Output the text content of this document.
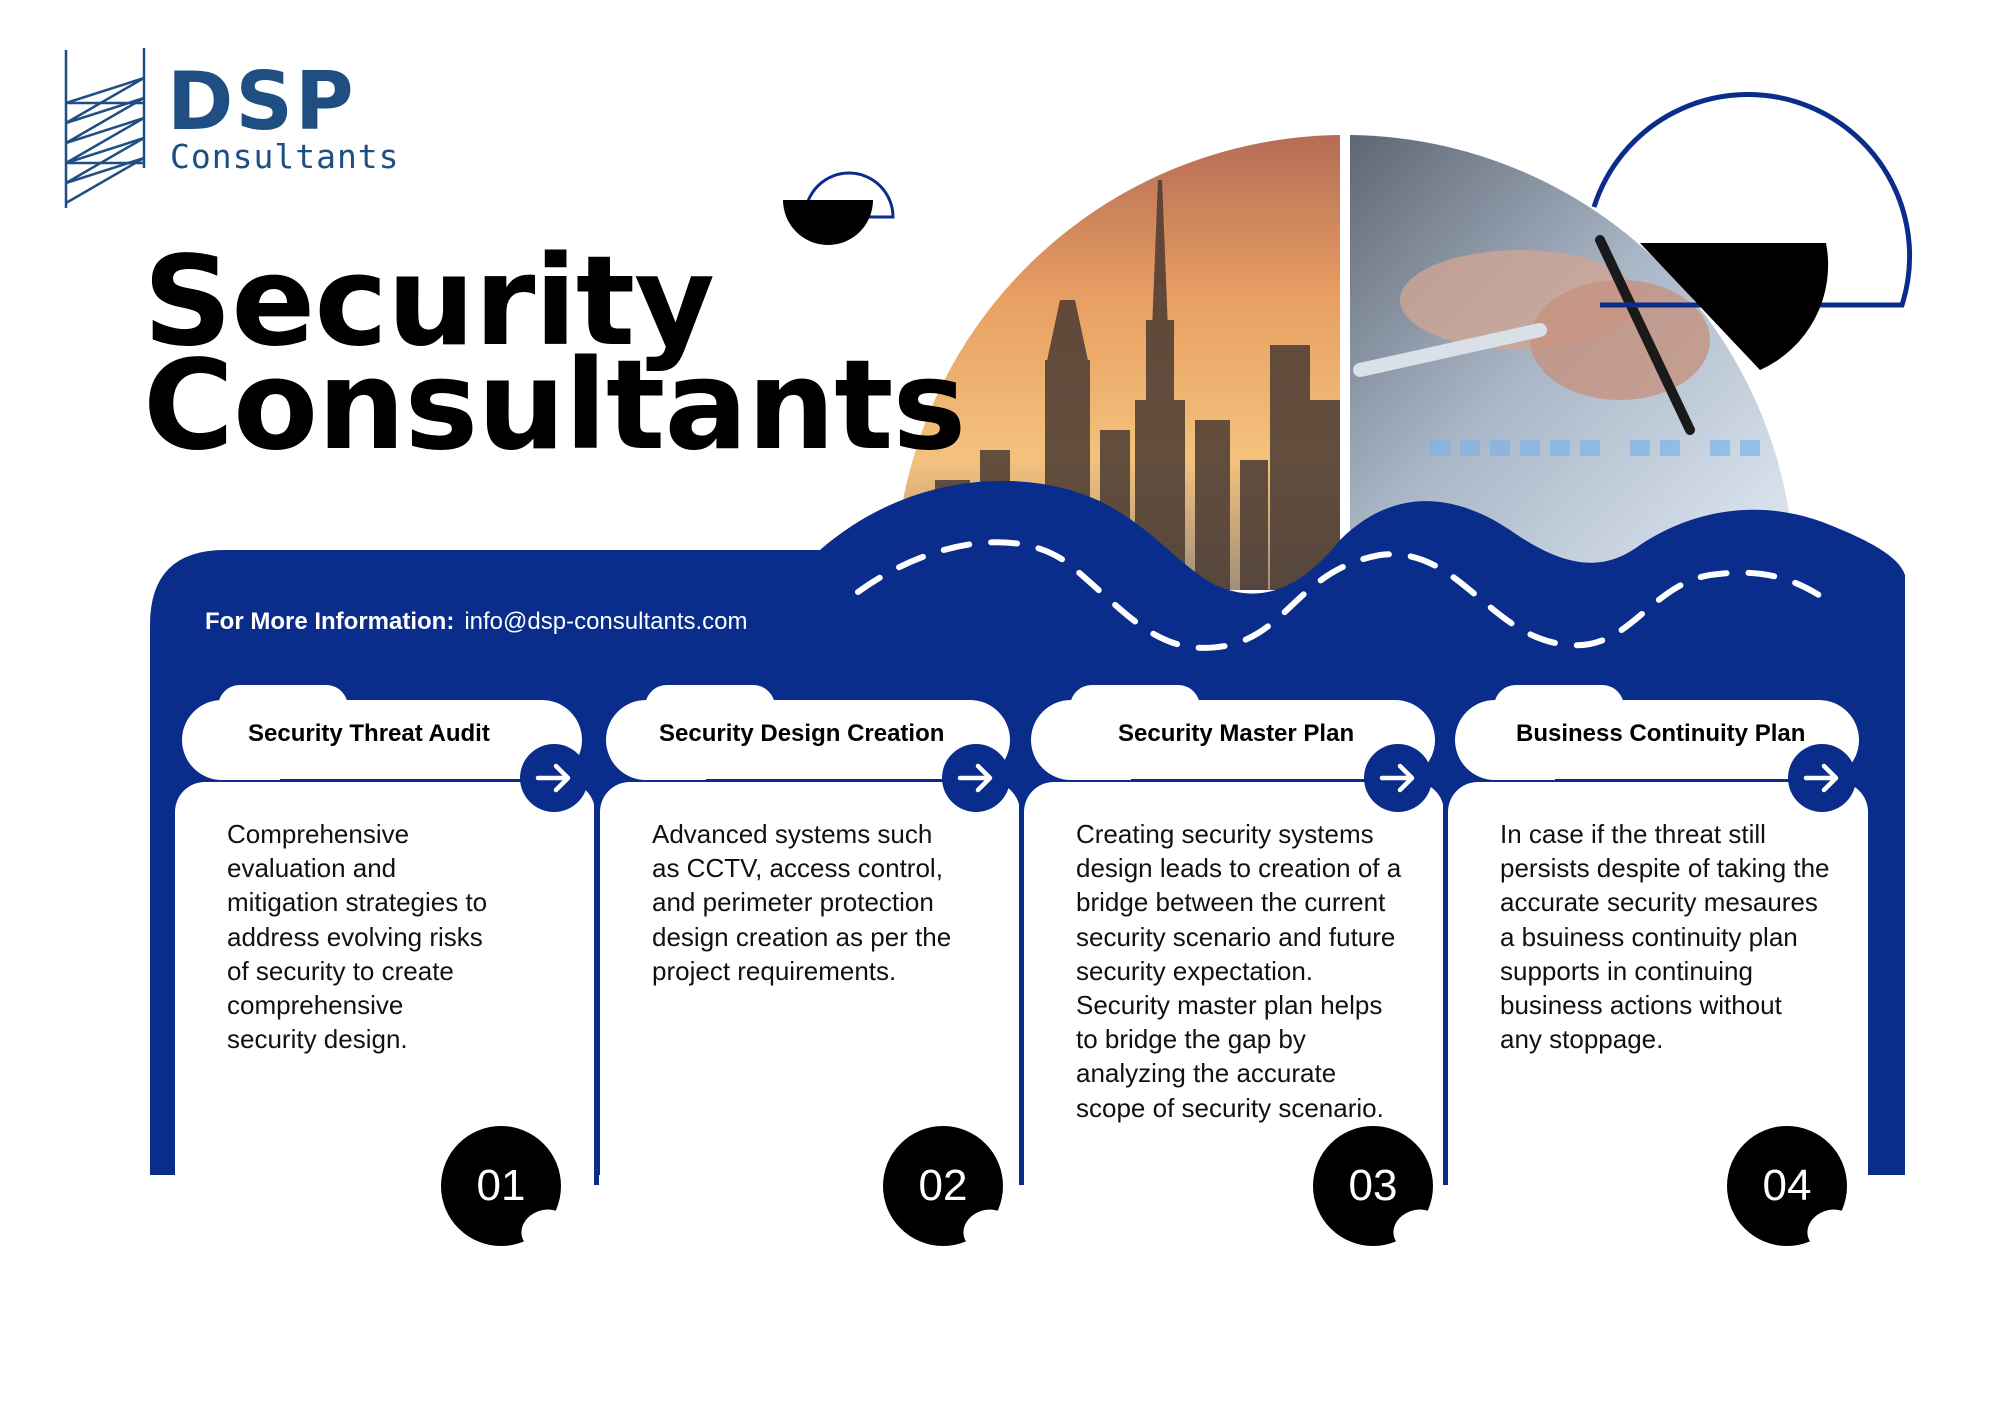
DSP
Consultants
Security
Consultants
For More Information: info@dsp-consultants.com
Security Threat Audit
Comprehensive evaluation and mitigation strategies to address evolving risks of security to create comprehensive security design.
01
Security Design Creation
Advanced systems such as CCTV, access control, and perimeter protection design creation as per the project requirements.
02
Security Master Plan
Creating security systems design leads to creation of a bridge between the current security scenario and future security expectation. Security master plan helps to bridge the gap by analyzing the accurate scope of security scenario.
03
Business Continuity Plan
In case if the threat still persists despite of taking the accurate security mesaures a bsuiness continuity plan supports in continuing business actions without any stoppage.
04
